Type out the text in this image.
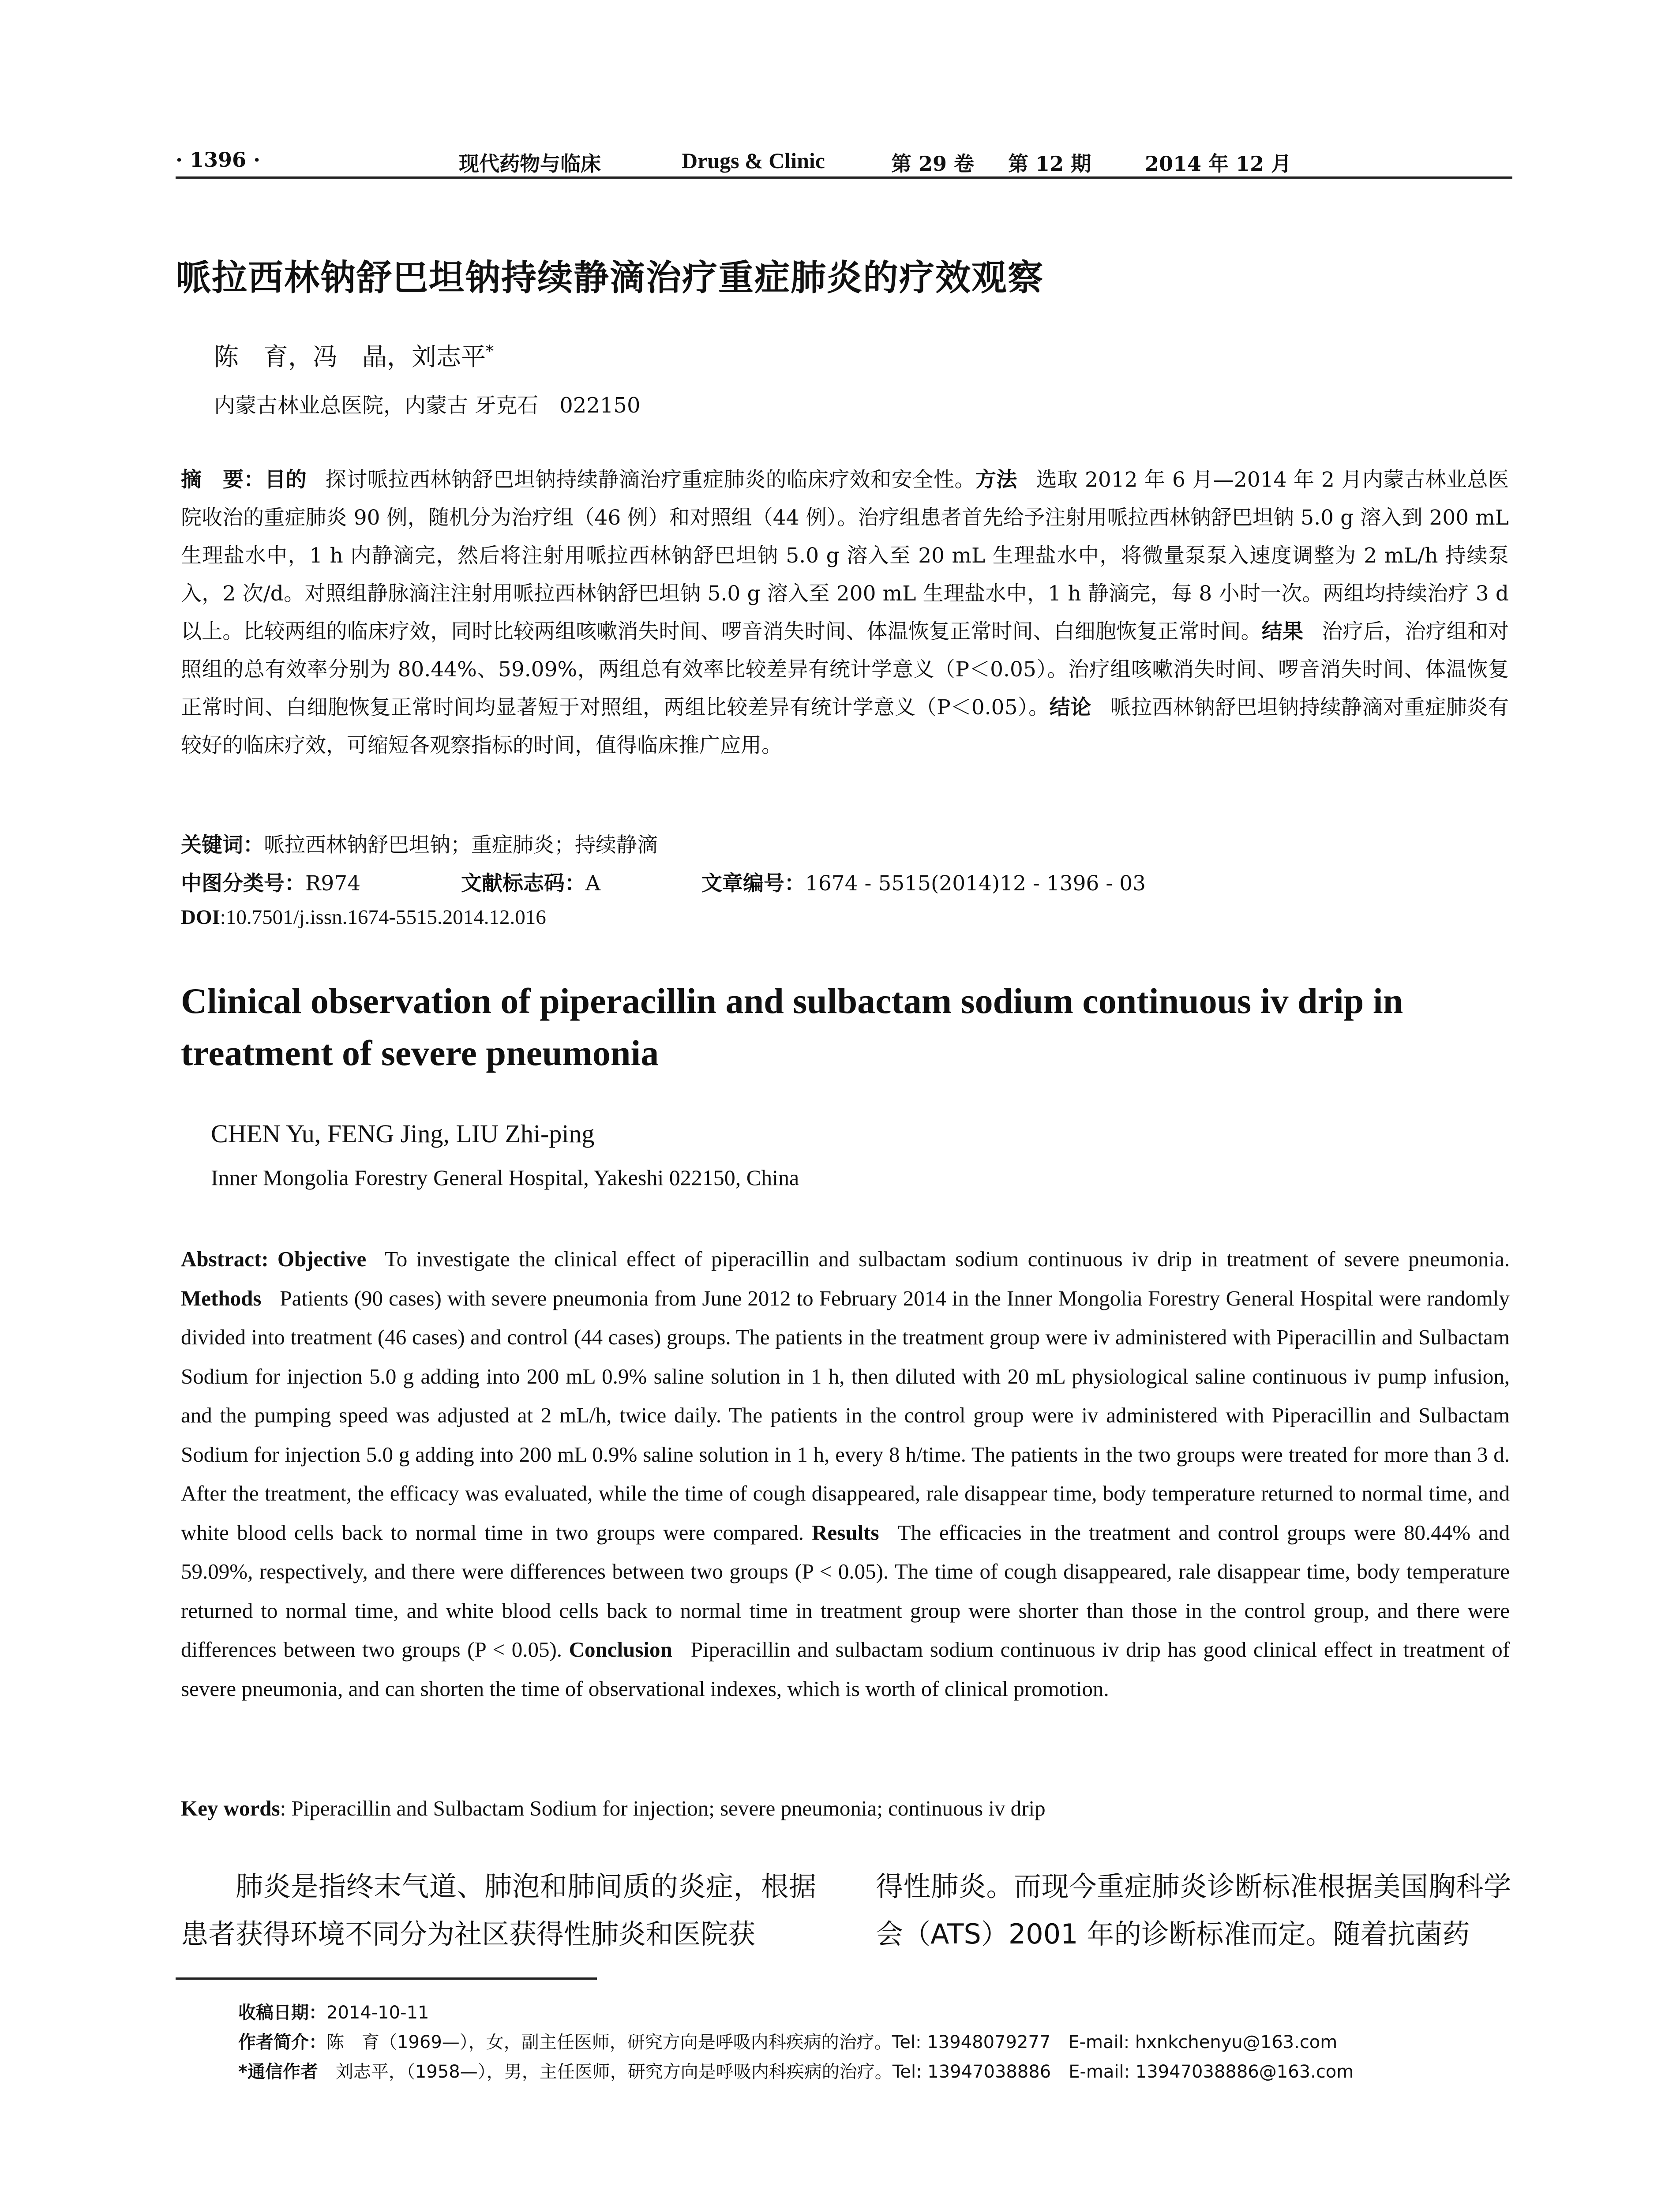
· 1396 ·	现代药物与临床	Drugs & Clinic	第 29 卷 第 12 期	2014 年 12 月
哌拉西林钠舒巴坦钠持续静滴治疗重症肺炎的疗效观察
陈　育，冯　晶，刘志平*
内蒙古林业总医院，内蒙古 牙克石　022150
摘　要：目的 探讨哌拉西林钠舒巴坦钠持续静滴治疗重症肺炎的临床疗效和安全性。方法 选取 2012 年 6 月—2014 年 2 月内蒙古林业总医院收治的重症肺炎 90 例，随机分为治疗组（46 例）和对照组（44 例）。治疗组患者首先给予注射用哌拉西林钠舒巴坦钠 5.0 g 溶入到 200 mL 生理盐水中，1 h 内静滴完，然后将注射用哌拉西林钠舒巴坦钠 5.0 g 溶入至 20 mL 生理盐水中，将微量泵泵入速度调整为 2 mL/h 持续泵入，2 次/d。对照组静脉滴注注射用哌拉西林钠舒巴坦钠 5.0 g 溶入至 200 mL 生理盐水中，1 h 静滴完，每 8 小时一次。两组均持续治疗 3 d 以上。比较两组的临床疗效，同时比较两组咳嗽消失时间、啰音消失时间、体温恢复正常时间、白细胞恢复正常时间。结果 治疗后，治疗组和对照组的总有效率分别为 80.44%、59.09%，两组总有效率比较差异有统计学意义（P＜0.05）。治疗组咳嗽消失时间、啰音消失时间、体温恢复正常时间、白细胞恢复正常时间均显著短于对照组，两组比较差异有统计学意义（P＜0.05）。结论 哌拉西林钠舒巴坦钠持续静滴对重症肺炎有较好的临床疗效，可缩短各观察指标的时间，值得临床推广应用。
关键词：哌拉西林钠舒巴坦钠；重症肺炎；持续静滴
中图分类号：R974	文献标志码：A	文章编号：1674 - 5515(2014)12 - 1396 - 03
DOI:10.7501/j.issn.1674-5515.2014.12.016
Clinical observation of piperacillin and sulbactam sodium continuous iv drip in treatment of severe pneumonia
CHEN Yu, FENG Jing, LIU Zhi-ping
Inner Mongolia Forestry General Hospital, Yakeshi 022150, China
Abstract: Objective To investigate the clinical effect of piperacillin and sulbactam sodium continuous iv drip in treatment of severe pneumonia. Methods Patients (90 cases) with severe pneumonia from June 2012 to February 2014 in the Inner Mongolia Forestry General Hospital were randomly divided into treatment (46 cases) and control (44 cases) groups. The patients in the treatment group were iv administered with Piperacillin and Sulbactam Sodium for injection 5.0 g adding into 200 mL 0.9% saline solution in 1 h, then diluted with 20 mL physiological saline continuous iv pump infusion, and the pumping speed was adjusted at 2 mL/h, twice daily. The patients in the control group were iv administered with Piperacillin and Sulbactam Sodium for injection 5.0 g adding into 200 mL 0.9% saline solution in 1 h, every 8 h/time. The patients in the two groups were treated for more than 3 d. After the treatment, the efficacy was evaluated, while the time of cough disappeared, rale disappear time, body temperature returned to normal time, and white blood cells back to normal time in two groups were compared. Results The efficacies in the treatment and control groups were 80.44% and 59.09%, respectively, and there were differences between two groups (P < 0.05). The time of cough disappeared, rale disappear time, body temperature returned to normal time, and white blood cells back to normal time in treatment group were shorter than those in the control group, and there were differences between two groups (P < 0.05). Conclusion Piperacillin and sulbactam sodium continuous iv drip has good clinical effect in treatment of severe pneumonia, and can shorten the time of observational indexes, which is worth of clinical promotion.
Key words: Piperacillin and Sulbactam Sodium for injection; severe pneumonia; continuous iv drip

肺炎是指终末气道、肺泡和肺间质的炎症，根据患者获得环境不同分为社区获得性肺炎和医院获

得性肺炎。而现今重症肺炎诊断标准根据美国胸科学会（ATS）2001 年的诊断标准而定。随着抗菌药

收稿日期：2014-10-11
作者简介：陈　育（1969—），女，副主任医师，研究方向是呼吸内科疾病的治疗。Tel: 13948079277　E-mail: hxnkchenyu@163.com
*通信作者　刘志平，（1958—），男，主任医师，研究方向是呼吸内科疾病的治疗。Tel: 13947038886　E-mail: 13947038886@163.com
